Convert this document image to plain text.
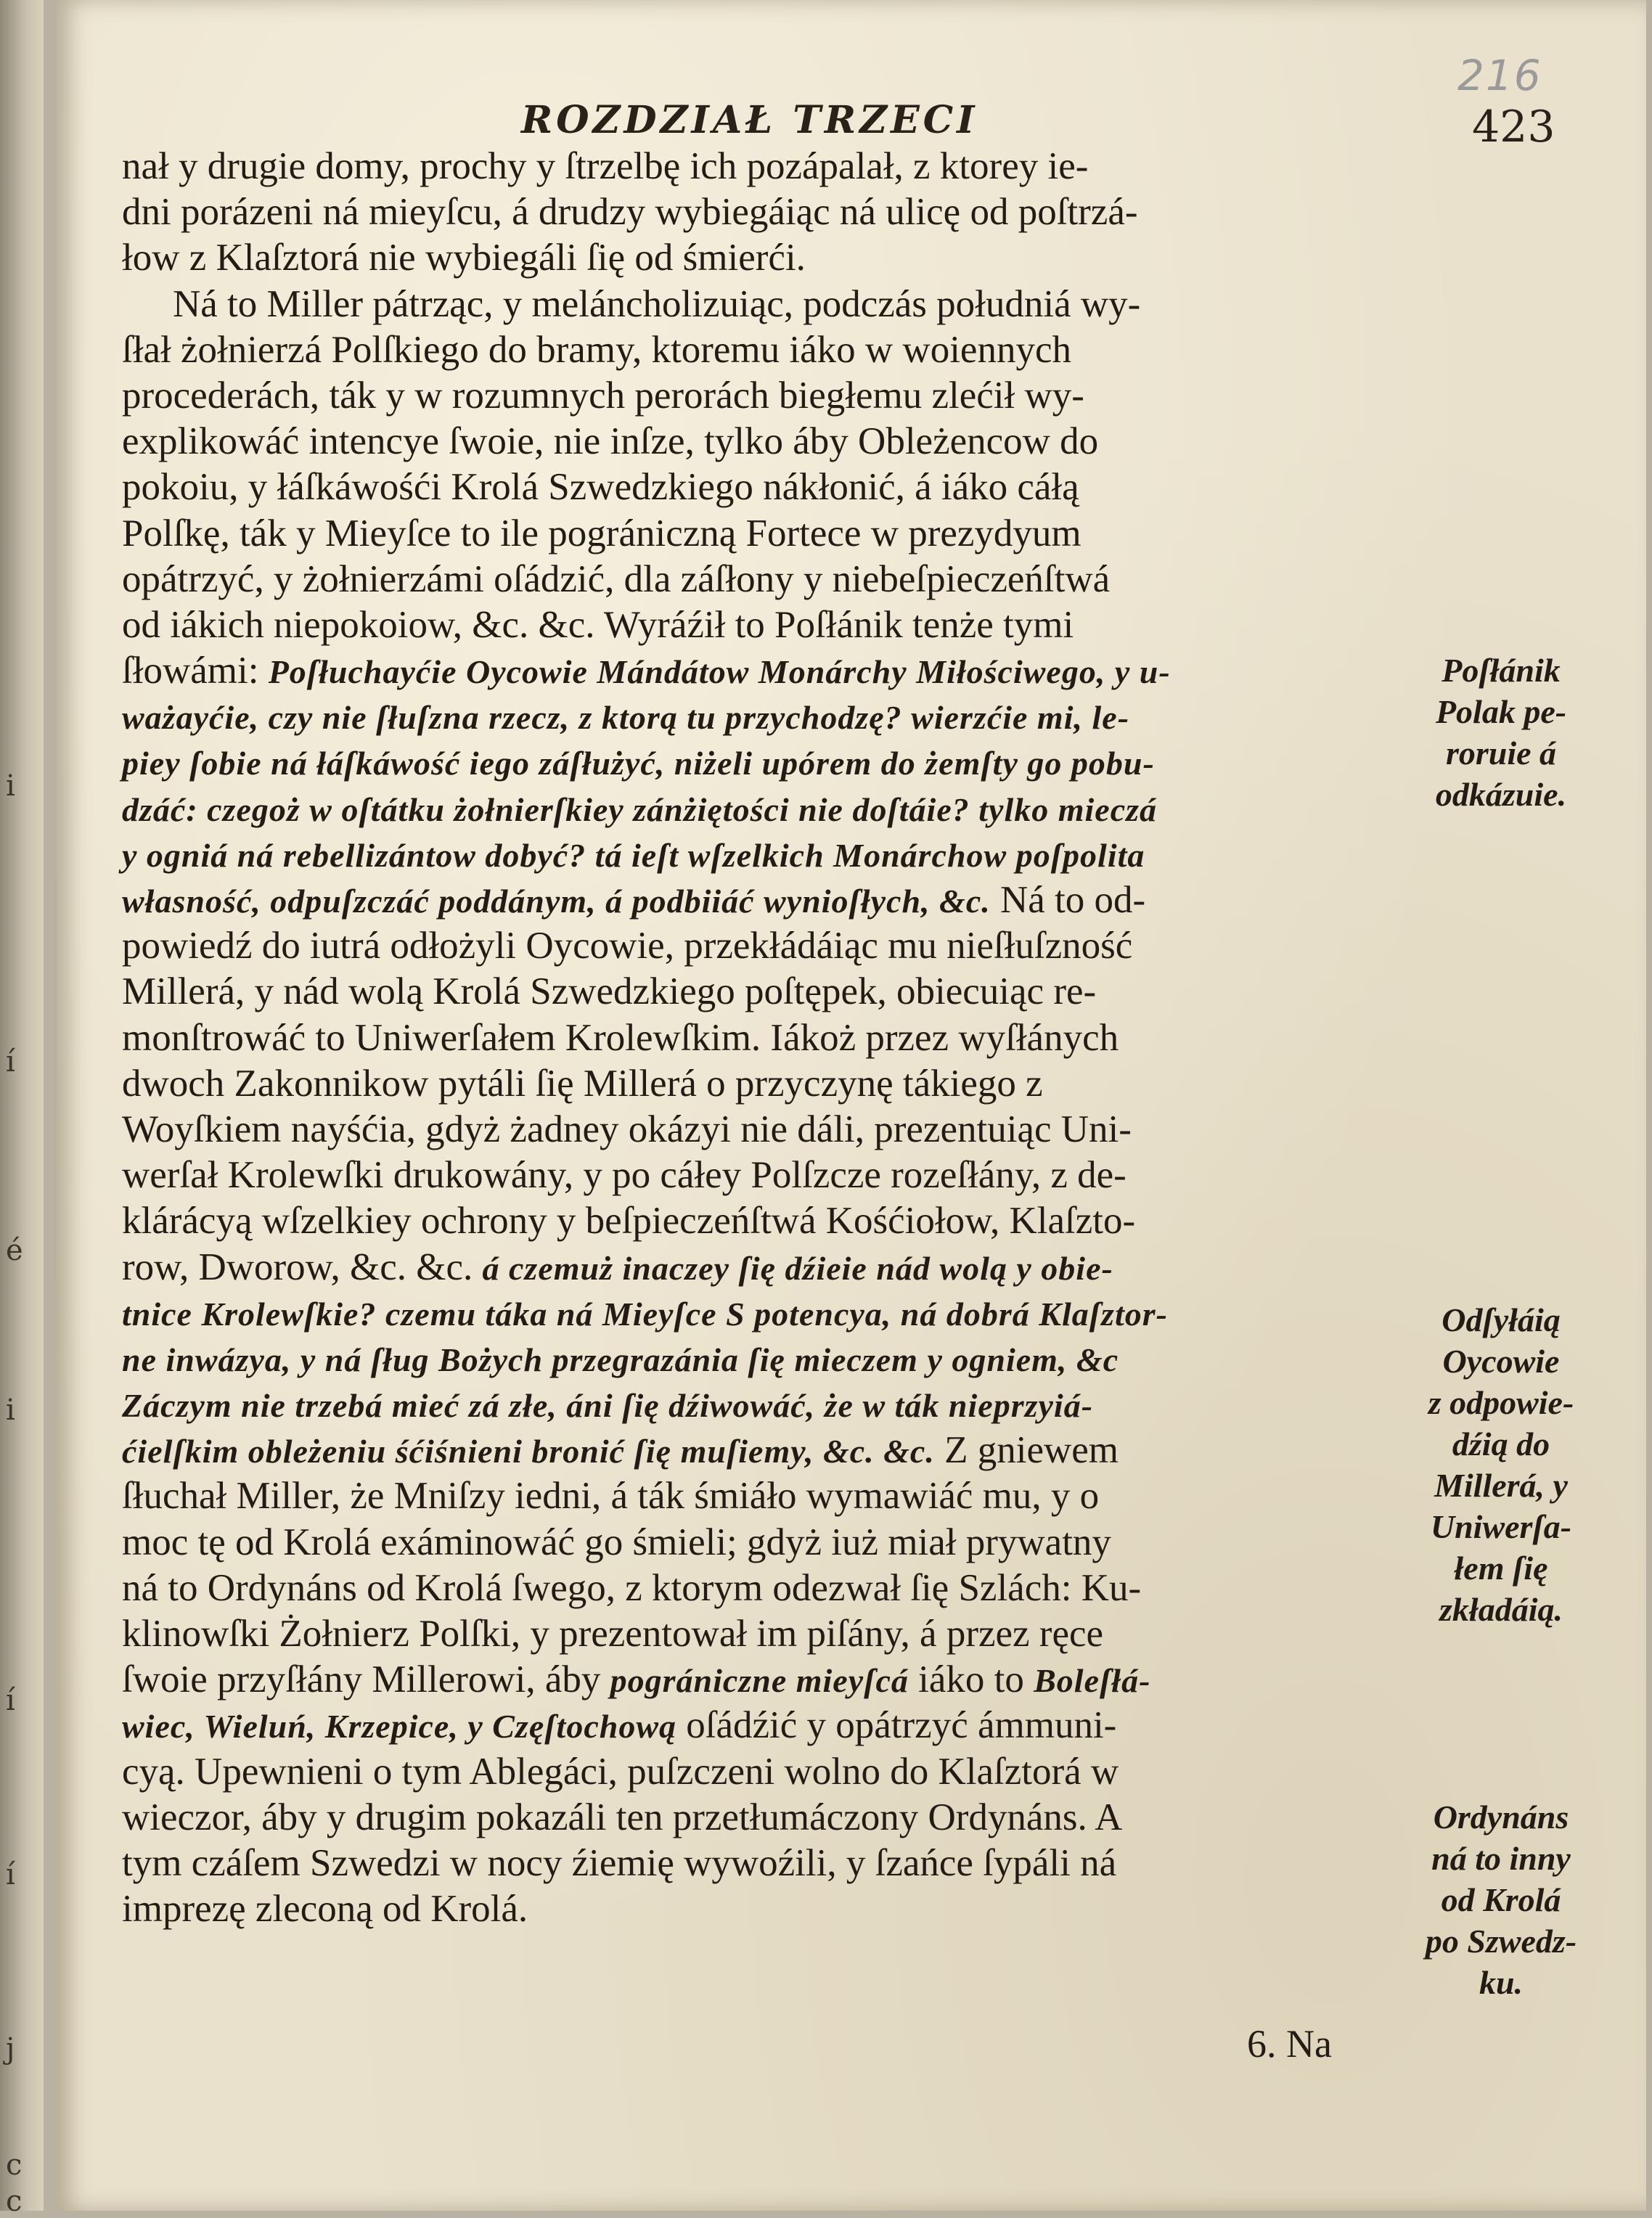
i
í
é
i
í
í
j
c
c
216
ROZDZIAŁ TRZECI	423
nał y drugie domy, prochy y ſtrzelbę ich pozápalał, z ktorey ie-
dni porázeni ná mieyſcu, á drudzy wybiegáiąc ná ulicę od poſtrzá-
łow z Klaſztorá nie wybiegáli ſię od śmierći.
Ná to Miller pátrząc, y meláncholizuiąc, podczás południá wy-
ſłał żołnierzá Polſkiego do bramy, ktoremu iáko w woiennych
procederách, ták y w rozumnych perorách biegłemu zlećił wy-
explikowáć intencye ſwoie, nie inſze, tylko áby Obleżencow do
pokoiu, y łáſkáwośći Krolá Szwedzkiego nákłonić, á iáko cáłą
Polſkę, ták y Mieyſce to ile pográniczną Fortece w prezydyum
opátrzyć, y żołnierzámi oſádzić, dla záſłony y niebeſpieczeńſtwá
od iákich niepokoiow, &c. &c. Wyráźił to Poſłánik tenże tymi
ſłowámi: Poſłuchayćie Oycowie Mándátow Monárchy Miłościwego, y u-
ważayćie, czy nie ſłuſzna rzecz, z ktorą tu przychodzę? wierzćie mi, le-
piey ſobie ná łáſkáwość iego záſłużyć, niżeli upórem do żemſty go pobu-
dzáć: czegoż w oſtátku żołnierſkiey zánżiętości nie doſtáie? tylko mieczá
y ogniá ná rebellizántow dobyć? tá ieſt wſzelkich Monárchow poſpolita
własność, odpuſzczáć poddánym, á podbiiáć wynioſłych, &c. Ná to od-
powiedź do iutrá odłożyli Oycowie, przekłádáiąc mu nieſłuſzność
Millerá, y nád wolą Krolá Szwedzkiego poſtępek, obiecuiąc re-
monſtrowáć to Uniwerſałem Krolewſkim. Iákoż przez wyſłánych
dwoch Zakonnikow pytáli ſię Millerá o przyczynę tákiego z
Woyſkiem nayśćia, gdyż żadney okázyi nie dáli, prezentuiąc Uni-
werſał Krolewſki drukowány, y po cáłey Polſzcze rozeſłány, z de-
klárácyą wſzelkiey ochrony y beſpieczeńſtwá Kośćiołow, Klaſzto-
row, Dworow, &c. &c. á czemuż inaczey ſię dźieie nád wolą y obie-
tnice Krolewſkie? czemu táka ná Mieyſce S potencya, ná dobrá Klaſztor-
ne inwázya, y ná ſług Bożych przegrazánia ſię mieczem y ogniem, &c
Záczym nie trzebá mieć zá złe, áni ſię dźiwowáć, że w ták nieprzyiá-
ćielſkim obleżeniu śćiśnieni bronić ſię muſiemy, &c. &c. Z gniewem
ſłuchał Miller, że Mniſzy iedni, á ták śmiáło wymawiáć mu, y o
moc tę od Krolá exáminowáć go śmieli; gdyż iuż miał prywatny
ná to Ordynáns od Krolá ſwego, z ktorym odezwał ſię Szlách: Ku-
klinowſki Żołnierz Polſki, y prezentował im piſány, á przez ręce
ſwoie przyſłány Millerowi, áby pográniczne mieyſcá iáko to Boleſłá-
wiec, Wieluń, Krzepice, y Częſtochową oſádźić y opátrzyć ámmuni-
cyą. Upewnieni o tym Ablegáci, puſzczeni wolno do Klaſztorá w
wieczor, áby y drugim pokazáli ten przetłumáczony Ordynáns. A
tym czáſem Szwedzi w nocy źiemię wywoźili, y ſzańce ſypáli ná
imprezę zleconą od Krolá.
Poſłánik
Polak pe-
roruie á
odkázuie.
Odſyłáią
Oycowie
z odpowie-
dźią do
Millerá, y
Uniwerſa-
łem ſię
zkładáią.
Ordynáns
ná to inny
od Krolá
po Szwedz-
ku.
6. Na
